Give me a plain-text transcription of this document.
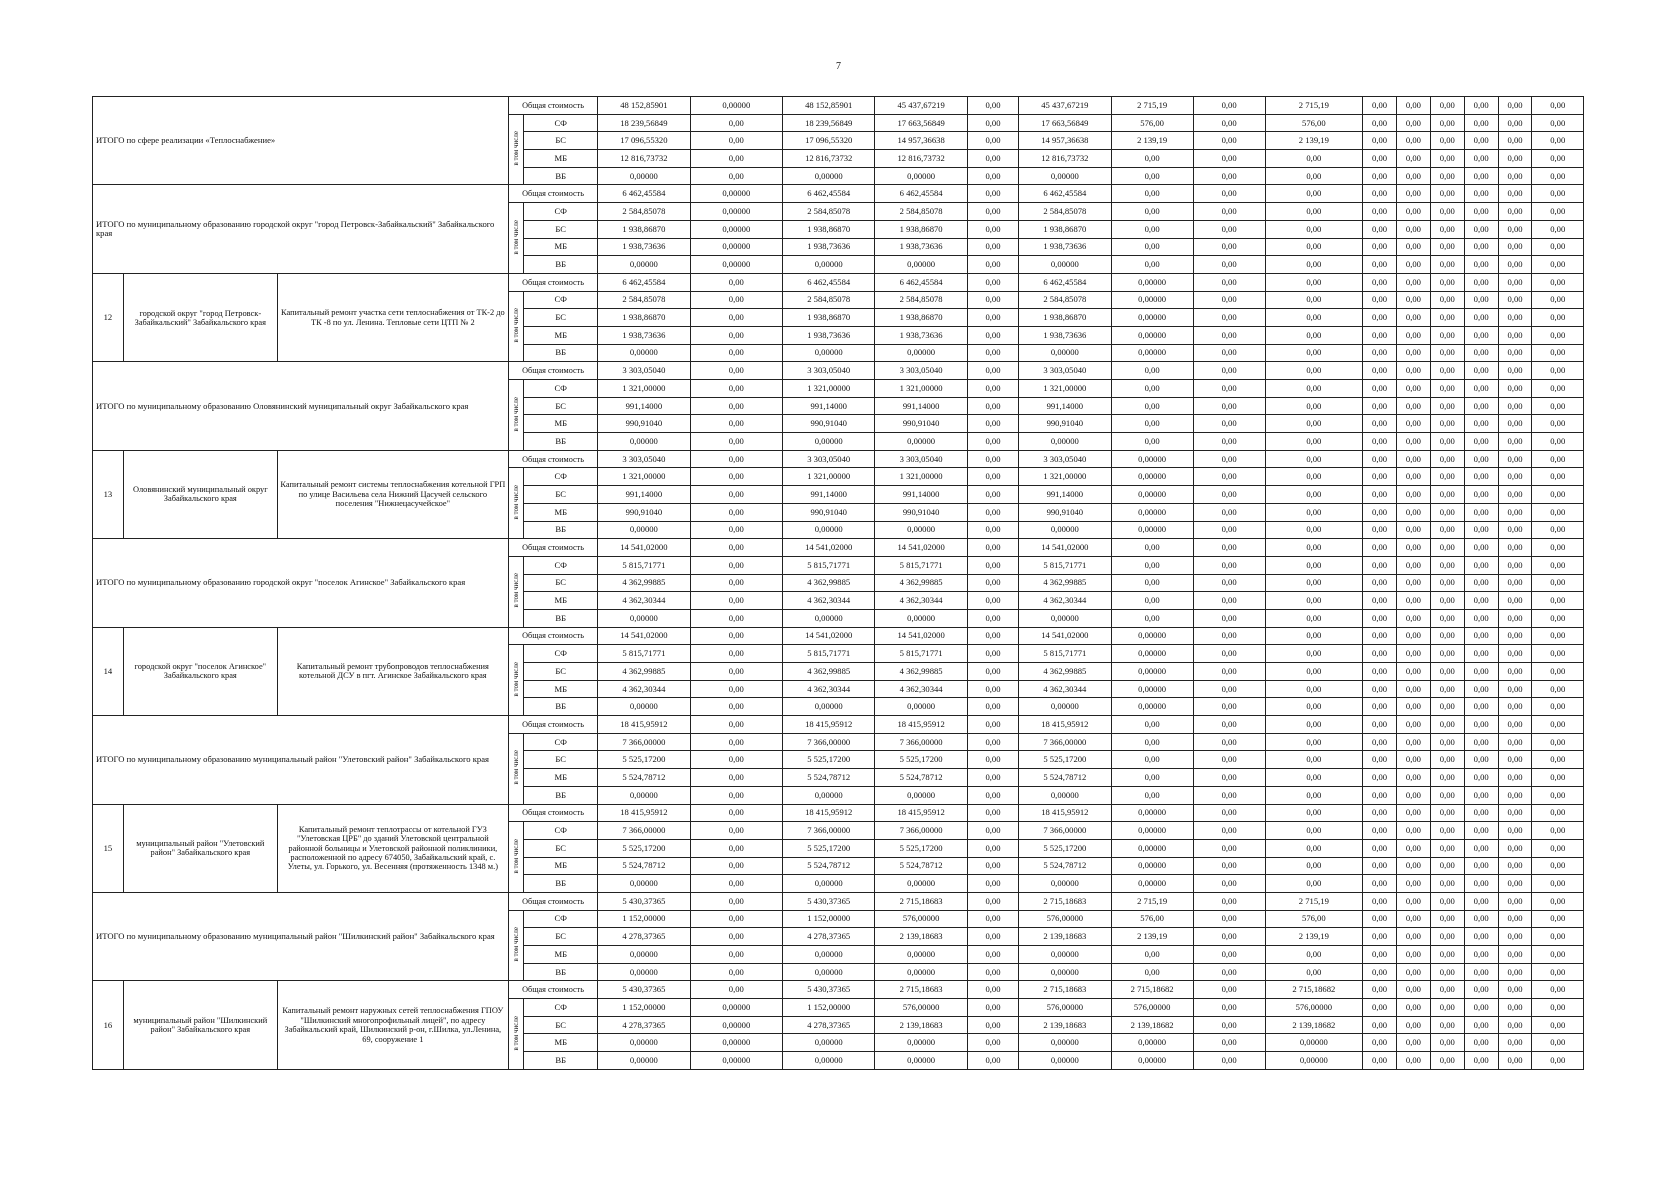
7
ИТОГО по сфере реализации «Теплоснабжение»			Общая стоимость		48 152,85901	0,00000	48 152,85901	45 437,67219	0,00	45 437,67219	2 715,19	0,00	2 715,19	0,00	0,00	0,00	0,00	0,00	0,00
			в том числе	СФ	18 239,56849	0,00	18 239,56849	17 663,56849	0,00	17 663,56849	576,00	0,00	576,00	0,00	0,00	0,00	0,00	0,00	0,00
				БС	17 096,55320	0,00	17 096,55320	14 957,36638	0,00	14 957,36638	2 139,19	0,00	2 139,19	0,00	0,00	0,00	0,00	0,00	0,00
				МБ	12 816,73732	0,00	12 816,73732	12 816,73732	0,00	12 816,73732	0,00	0,00	0,00	0,00	0,00	0,00	0,00	0,00	0,00
				ВБ	0,00000	0,00	0,00000	0,00000	0,00	0,00000	0,00	0,00	0,00	0,00	0,00	0,00	0,00	0,00	0,00
ИТОГО по муниципальному образованию городской округ "город Петровск-Забайкальский" Забайкальского края			Общая стоимость		6 462,45584	0,00000	6 462,45584	6 462,45584	0,00	6 462,45584	0,00	0,00	0,00	0,00	0,00	0,00	0,00	0,00	0,00
			в том числе	СФ	2 584,85078	0,00000	2 584,85078	2 584,85078	0,00	2 584,85078	0,00	0,00	0,00	0,00	0,00	0,00	0,00	0,00	0,00
				БС	1 938,86870	0,00000	1 938,86870	1 938,86870	0,00	1 938,86870	0,00	0,00	0,00	0,00	0,00	0,00	0,00	0,00	0,00
				МБ	1 938,73636	0,00000	1 938,73636	1 938,73636	0,00	1 938,73636	0,00	0,00	0,00	0,00	0,00	0,00	0,00	0,00	0,00
				ВБ	0,00000	0,00000	0,00000	0,00000	0,00	0,00000	0,00	0,00	0,00	0,00	0,00	0,00	0,00	0,00	0,00
12	городской округ "город Петровск-Забайкальский" Забайкальского края	Капитальный ремонт участка сети теплоснабжения от ТК-2 до ТК -8 по ул. Ленина. Тепловые сети ЦТП № 2	Общая стоимость		6 462,45584	0,00	6 462,45584	6 462,45584	0,00	6 462,45584	0,00000	0,00	0,00	0,00	0,00	0,00	0,00	0,00	0,00
			в том числе	СФ	2 584,85078	0,00	2 584,85078	2 584,85078	0,00	2 584,85078	0,00000	0,00	0,00	0,00	0,00	0,00	0,00	0,00	0,00
				БС	1 938,86870	0,00	1 938,86870	1 938,86870	0,00	1 938,86870	0,00000	0,00	0,00	0,00	0,00	0,00	0,00	0,00	0,00
				МБ	1 938,73636	0,00	1 938,73636	1 938,73636	0,00	1 938,73636	0,00000	0,00	0,00	0,00	0,00	0,00	0,00	0,00	0,00
				ВБ	0,00000	0,00	0,00000	0,00000	0,00	0,00000	0,00000	0,00	0,00	0,00	0,00	0,00	0,00	0,00	0,00
ИТОГО по муниципальному образованию Оловянинский муниципальный округ Забайкальского края			Общая стоимость		3 303,05040	0,00	3 303,05040	3 303,05040	0,00	3 303,05040	0,00	0,00	0,00	0,00	0,00	0,00	0,00	0,00	0,00
			в том числе	СФ	1 321,00000	0,00	1 321,00000	1 321,00000	0,00	1 321,00000	0,00	0,00	0,00	0,00	0,00	0,00	0,00	0,00	0,00
				БС	991,14000	0,00	991,14000	991,14000	0,00	991,14000	0,00	0,00	0,00	0,00	0,00	0,00	0,00	0,00	0,00
				МБ	990,91040	0,00	990,91040	990,91040	0,00	990,91040	0,00	0,00	0,00	0,00	0,00	0,00	0,00	0,00	0,00
				ВБ	0,00000	0,00	0,00000	0,00000	0,00	0,00000	0,00	0,00	0,00	0,00	0,00	0,00	0,00	0,00	0,00
13	Оловянинский муниципальный округ Забайкальского края	Капитальный ремонт системы теплоснабжения котельной ГРП по улице Васильева села Нижний Цасучей сельского поселения "Нижнецасучейское"	Общая стоимость		3 303,05040	0,00	3 303,05040	3 303,05040	0,00	3 303,05040	0,00000	0,00	0,00	0,00	0,00	0,00	0,00	0,00	0,00
			в том числе	СФ	1 321,00000	0,00	1 321,00000	1 321,00000	0,00	1 321,00000	0,00000	0,00	0,00	0,00	0,00	0,00	0,00	0,00	0,00
				БС	991,14000	0,00	991,14000	991,14000	0,00	991,14000	0,00000	0,00	0,00	0,00	0,00	0,00	0,00	0,00	0,00
				МБ	990,91040	0,00	990,91040	990,91040	0,00	990,91040	0,00000	0,00	0,00	0,00	0,00	0,00	0,00	0,00	0,00
				ВБ	0,00000	0,00	0,00000	0,00000	0,00	0,00000	0,00000	0,00	0,00	0,00	0,00	0,00	0,00	0,00	0,00
ИТОГО по муниципальному образованию городской округ "поселок Агинское" Забайкальского края			Общая стоимость		14 541,02000	0,00	14 541,02000	14 541,02000	0,00	14 541,02000	0,00	0,00	0,00	0,00	0,00	0,00	0,00	0,00	0,00
			в том числе	СФ	5 815,71771	0,00	5 815,71771	5 815,71771	0,00	5 815,71771	0,00	0,00	0,00	0,00	0,00	0,00	0,00	0,00	0,00
				БС	4 362,99885	0,00	4 362,99885	4 362,99885	0,00	4 362,99885	0,00	0,00	0,00	0,00	0,00	0,00	0,00	0,00	0,00
				МБ	4 362,30344	0,00	4 362,30344	4 362,30344	0,00	4 362,30344	0,00	0,00	0,00	0,00	0,00	0,00	0,00	0,00	0,00
				ВБ	0,00000	0,00	0,00000	0,00000	0,00	0,00000	0,00	0,00	0,00	0,00	0,00	0,00	0,00	0,00	0,00
14	городской округ "поселок Агинское" Забайкальского края	Капитальный ремонт трубопроводов теплоснабжения котельной ДСУ в пгт. Агинское Забайкальского края	Общая стоимость		14 541,02000	0,00	14 541,02000	14 541,02000	0,00	14 541,02000	0,00000	0,00	0,00	0,00	0,00	0,00	0,00	0,00	0,00
			в том числе	СФ	5 815,71771	0,00	5 815,71771	5 815,71771	0,00	5 815,71771	0,00000	0,00	0,00	0,00	0,00	0,00	0,00	0,00	0,00
				БС	4 362,99885	0,00	4 362,99885	4 362,99885	0,00	4 362,99885	0,00000	0,00	0,00	0,00	0,00	0,00	0,00	0,00	0,00
				МБ	4 362,30344	0,00	4 362,30344	4 362,30344	0,00	4 362,30344	0,00000	0,00	0,00	0,00	0,00	0,00	0,00	0,00	0,00
				ВБ	0,00000	0,00	0,00000	0,00000	0,00	0,00000	0,00000	0,00	0,00	0,00	0,00	0,00	0,00	0,00	0,00
ИТОГО по муниципальному образованию муниципальный район "Улетовский район" Забайкальского края			Общая стоимость		18 415,95912	0,00	18 415,95912	18 415,95912	0,00	18 415,95912	0,00	0,00	0,00	0,00	0,00	0,00	0,00	0,00	0,00
			в том числе	СФ	7 366,00000	0,00	7 366,00000	7 366,00000	0,00	7 366,00000	0,00	0,00	0,00	0,00	0,00	0,00	0,00	0,00	0,00
				БС	5 525,17200	0,00	5 525,17200	5 525,17200	0,00	5 525,17200	0,00	0,00	0,00	0,00	0,00	0,00	0,00	0,00	0,00
				МБ	5 524,78712	0,00	5 524,78712	5 524,78712	0,00	5 524,78712	0,00	0,00	0,00	0,00	0,00	0,00	0,00	0,00	0,00
				ВБ	0,00000	0,00	0,00000	0,00000	0,00	0,00000	0,00	0,00	0,00	0,00	0,00	0,00	0,00	0,00	0,00
15	муниципальный район "Улетовский район" Забайкальского края	Капитальный ремонт теплотрассы от котельной ГУЗ "Улетовская ЦРБ" до зданий Улетовской центральной районной больницы и Улетовской районной поликлиники, расположенной по адресу 674050, Забайкальский край, с. Улеты, ул. Горького, ул. Весенняя (протяженность 1348 м.)	Общая стоимость		18 415,95912	0,00	18 415,95912	18 415,95912	0,00	18 415,95912	0,00000	0,00	0,00	0,00	0,00	0,00	0,00	0,00	0,00
			в том числе	СФ	7 366,00000	0,00	7 366,00000	7 366,00000	0,00	7 366,00000	0,00000	0,00	0,00	0,00	0,00	0,00	0,00	0,00	0,00
				БС	5 525,17200	0,00	5 525,17200	5 525,17200	0,00	5 525,17200	0,00000	0,00	0,00	0,00	0,00	0,00	0,00	0,00	0,00
				МБ	5 524,78712	0,00	5 524,78712	5 524,78712	0,00	5 524,78712	0,00000	0,00	0,00	0,00	0,00	0,00	0,00	0,00	0,00
				ВБ	0,00000	0,00	0,00000	0,00000	0,00	0,00000	0,00000	0,00	0,00	0,00	0,00	0,00	0,00	0,00	0,00
ИТОГО по муниципальному образованию муниципальный район "Шилкинский район" Забайкальского края			Общая стоимость		5 430,37365	0,00	5 430,37365	2 715,18683	0,00	2 715,18683	2 715,19	0,00	2 715,19	0,00	0,00	0,00	0,00	0,00	0,00
			в том числе	СФ	1 152,00000	0,00	1 152,00000	576,00000	0,00	576,00000	576,00	0,00	576,00	0,00	0,00	0,00	0,00	0,00	0,00
				БС	4 278,37365	0,00	4 278,37365	2 139,18683	0,00	2 139,18683	2 139,19	0,00	2 139,19	0,00	0,00	0,00	0,00	0,00	0,00
				МБ	0,00000	0,00	0,00000	0,00000	0,00	0,00000	0,00	0,00	0,00	0,00	0,00	0,00	0,00	0,00	0,00
				ВБ	0,00000	0,00	0,00000	0,00000	0,00	0,00000	0,00	0,00	0,00	0,00	0,00	0,00	0,00	0,00	0,00
16	муниципальный район "Шилкинский район" Забайкальского края	Капитальный ремонт наружных сетей теплоснабжения ГПОУ "Шилкинский многопрофильный лицей", по адресу Забайкальский край, Шилкинский р-он, г.Шилка, ул.Ленина, 69, сооружение 1	Общая стоимость		5 430,37365	0,00	5 430,37365	2 715,18683	0,00	2 715,18683	2 715,18682	0,00	2 715,18682	0,00	0,00	0,00	0,00	0,00	0,00
			в том числе	СФ	1 152,00000	0,00000	1 152,00000	576,00000	0,00	576,00000	576,00000	0,00	576,00000	0,00	0,00	0,00	0,00	0,00	0,00
				БС	4 278,37365	0,00000	4 278,37365	2 139,18683	0,00	2 139,18683	2 139,18682	0,00	2 139,18682	0,00	0,00	0,00	0,00	0,00	0,00
				МБ	0,00000	0,00000	0,00000	0,00000	0,00	0,00000	0,00000	0,00	0,00000	0,00	0,00	0,00	0,00	0,00	0,00
				ВБ	0,00000	0,00000	0,00000	0,00000	0,00	0,00000	0,00000	0,00	0,00000	0,00	0,00	0,00	0,00	0,00	0,00
